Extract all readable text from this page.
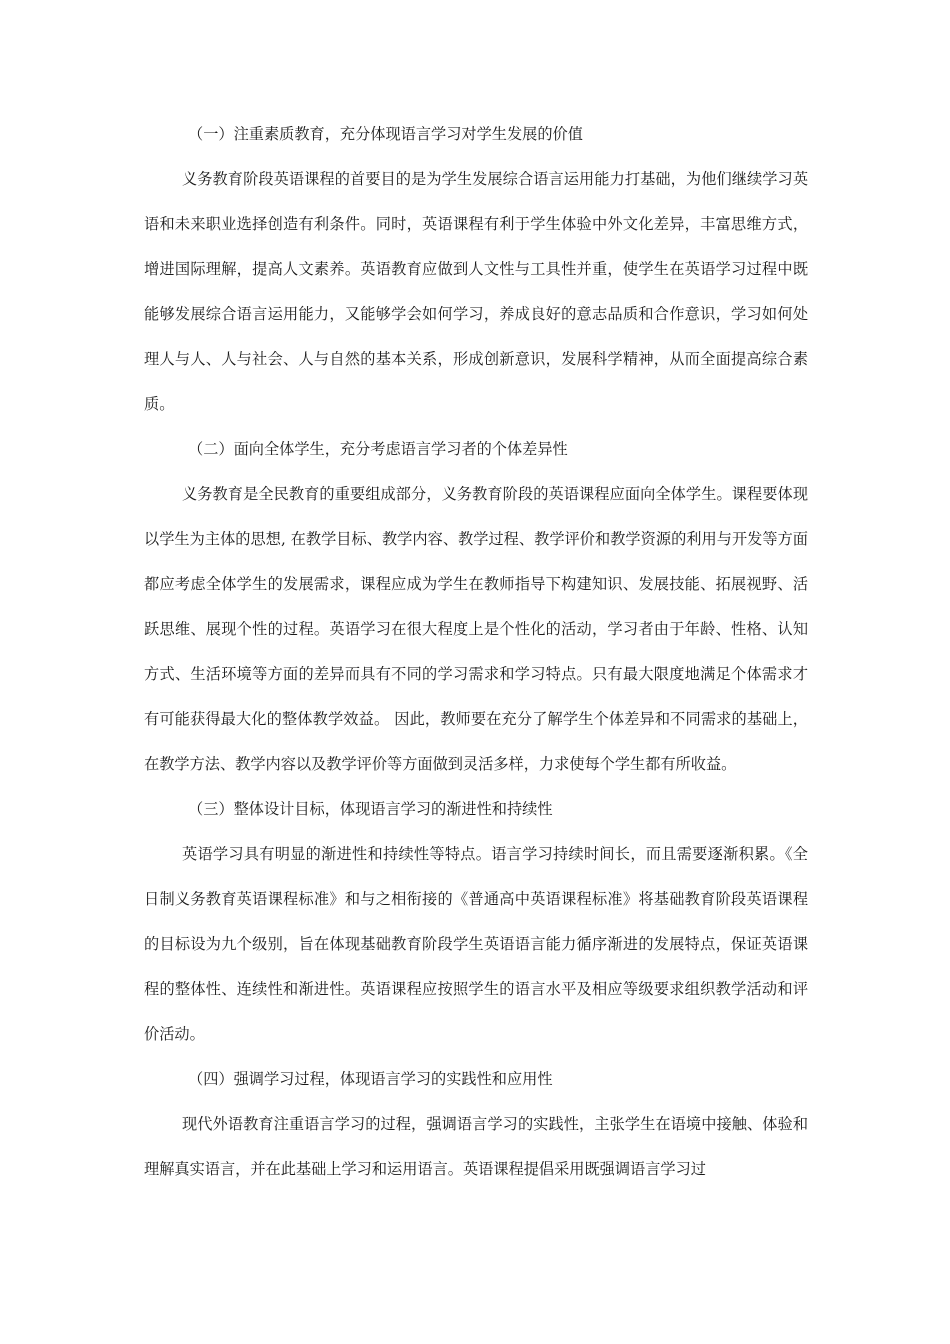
（一）注重素质教育，充分体现语言学习对学生发展的价值

义务教育阶段英语课程的首要目的是为学生发展综合语言运用能力打基础，为他们继续学习英语和未来职业选择创造有利条件。同时，英语课程有利于学生体验中外文化差异，丰富思维方式，增进国际理解，提高人文素养。英语教育应做到人文性与工具性并重，使学生在英语学习过程中既能够发展综合语言运用能力，又能够学会如何学习，养成良好的意志品质和合作意识，学习如何处理人与人、人与社会、人与自然的基本关系，形成创新意识，发展科学精神，从而全面提高综合素质。

（二）面向全体学生，充分考虑语言学习者的个体差异性

义务教育是全民教育的重要组成部分，义务教育阶段的英语课程应面向全体学生。课程要体现以学生为主体的思想, 在教学目标、教学内容、教学过程、教学评价和教学资源的利用与开发等方面都应考虑全体学生的发展需求，课程应成为学生在教师指导下构建知识、发展技能、拓展视野、活跃思维、展现个性的过程。英语学习在很大程度上是个性化的活动，学习者由于年龄、性格、认知方式、生活环境等方面的差异而具有不同的学习需求和学习特点。只有最大限度地满足个体需求才有可能获得最大化的整体教学效益。 因此，教师要在充分了解学生个体差异和不同需求的基础上，在教学方法、教学内容以及教学评价等方面做到灵活多样，力求使每个学生都有所收益。

（三）整体设计目标，体现语言学习的渐进性和持续性

英语学习具有明显的渐进性和持续性等特点。语言学习持续时间长，而且需要逐渐积累。《全日制义务教育英语课程标准》和与之相衔接的《普通高中英语课程标准》将基础教育阶段英语课程的目标设为九个级别，旨在体现基础教育阶段学生英语语言能力循序渐进的发展特点，保证英语课程的整体性、连续性和渐进性。英语课程应按照学生的语言水平及相应等级要求组织教学活动和评价活动。

（四）强调学习过程，体现语言学习的实践性和应用性

现代外语教育注重语言学习的过程，强调语言学习的实践性，主张学生在语境中接触、体验和理解真实语言，并在此基础上学习和运用语言。英语课程提倡采用既强调语言学习过
